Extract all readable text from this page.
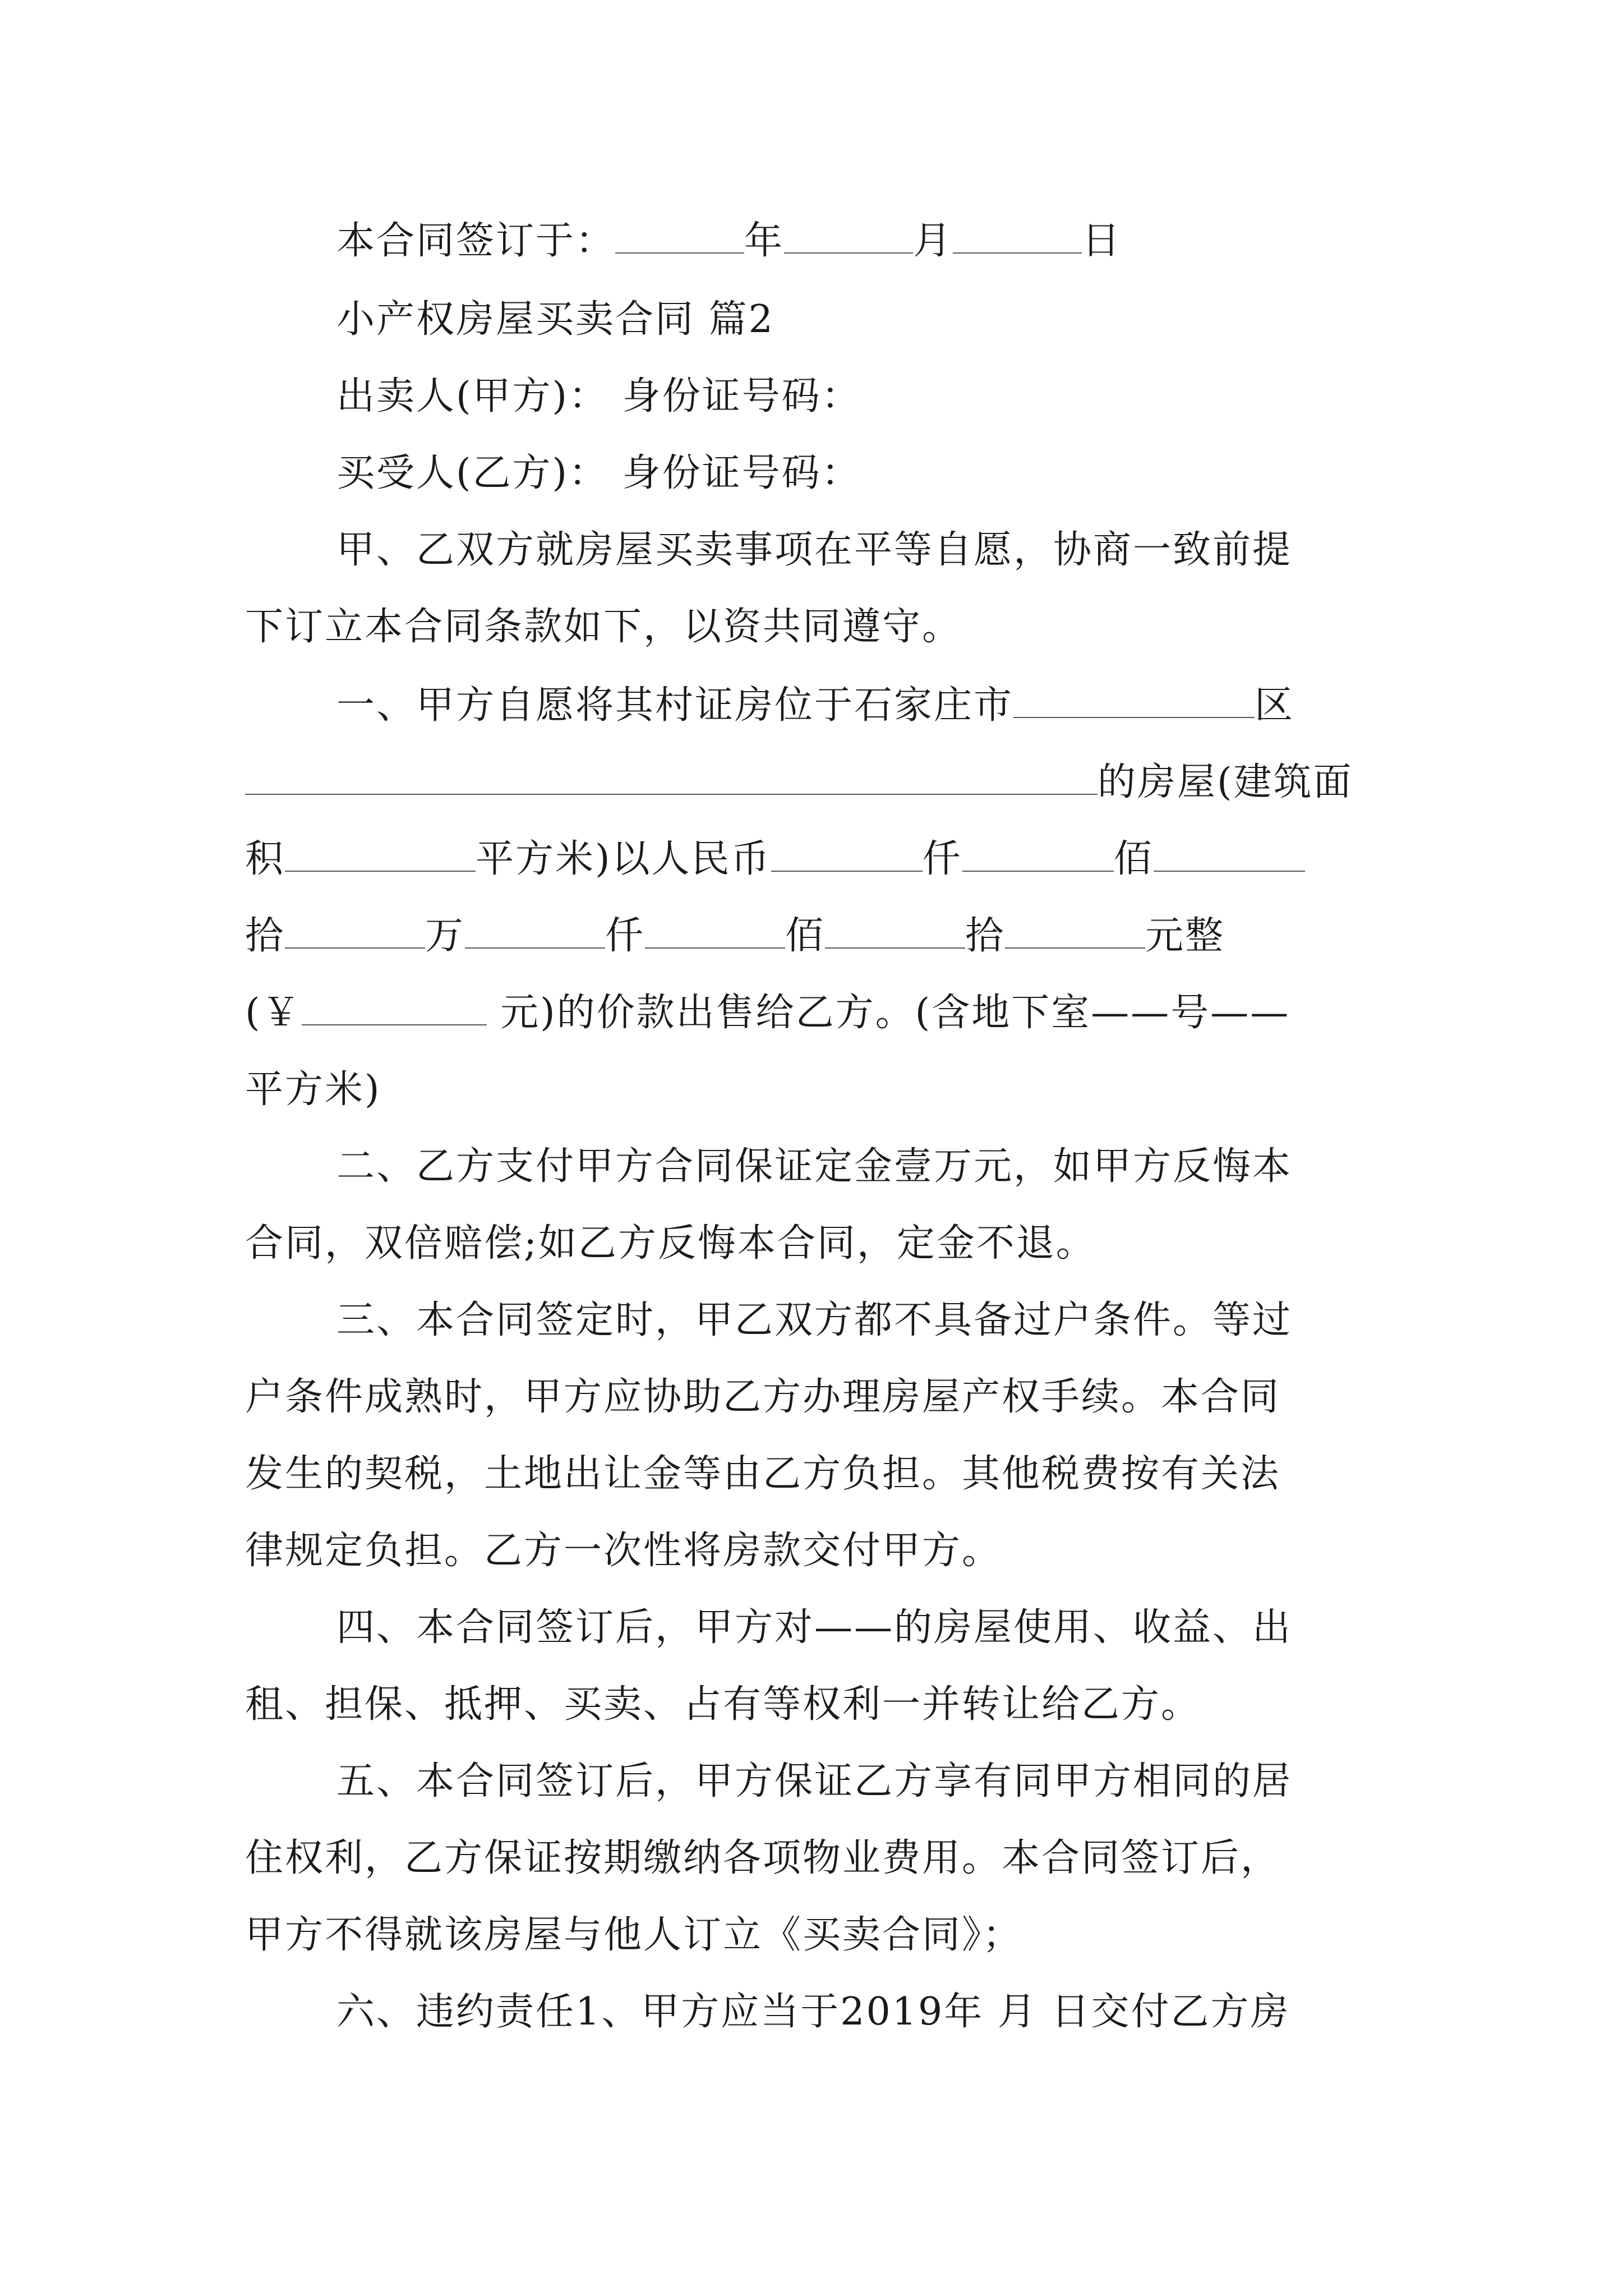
本合同签订于：	年	月	日
小产权房屋买卖合同 篇2
出卖人(甲方)： 身份证号码：
买受人(乙方)： 身份证号码：
甲、乙双方就房屋买卖事项在平等自愿，协商一致前提
下订立本合同条款如下，以资共同遵守。
一、甲方自愿将其村证房位于石家庄市	区
的房屋(建筑面
积	平方米)以人民币	仟	佰
拾	万	仟	佰	拾	元整
(￥	元)的价款出售给乙方。(含地下室——号——
平方米)
二、乙方支付甲方合同保证定金壹万元，如甲方反悔本
合同，双倍赔偿;如乙方反悔本合同，定金不退。
三、本合同签定时，甲乙双方都不具备过户条件。等过
户条件成熟时，甲方应协助乙方办理房屋产权手续。本合同
发生的契税，土地出让金等由乙方负担。其他税费按有关法
律规定负担。乙方一次性将房款交付甲方。
四、本合同签订后，甲方对——的房屋使用、收益、出
租、担保、抵押、买卖、占有等权利一并转让给乙方。
五、本合同签订后，甲方保证乙方享有同甲方相同的居
住权利，乙方保证按期缴纳各项物业费用。本合同签订后，
甲方不得就该房屋与他人订立《买卖合同》；
六、违约责任1、甲方应当于2019年 月 日交付乙方房
